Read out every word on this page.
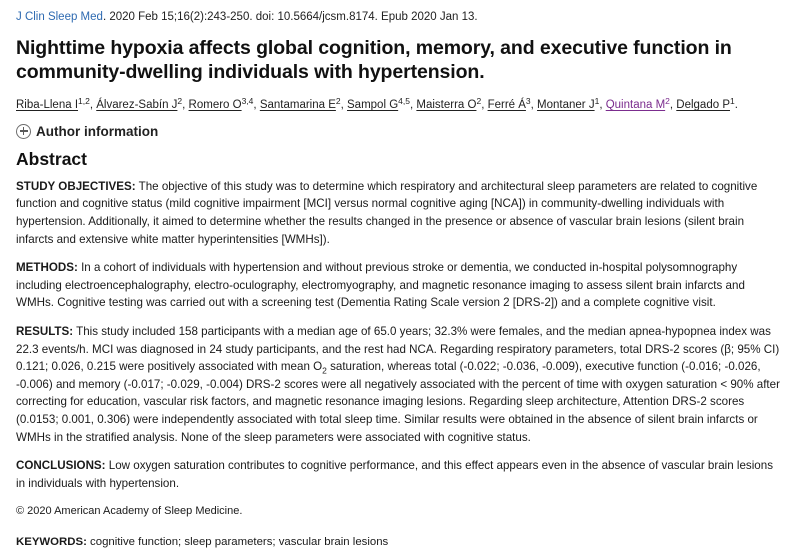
J Clin Sleep Med. 2020 Feb 15;16(2):243-250. doi: 10.5664/jcsm.8174. Epub 2020 Jan 13.
Nighttime hypoxia affects global cognition, memory, and executive function in community-dwelling individuals with hypertension.
Riba-Llena I$^{1,2}$, Álvarez-Sabín $J^2$, Romero O$^{3,4}$, Santamarina $E^2$, Sampol G$^{4,5}$, Maisterra $O^2$, Ferré $Á^3$, Montaner $J^1$, Quintana $M^2$, Delgado $P^1$.
Author information
Abstract

STUDY OBJECTIVES: The objective of this study was to determine which respiratory and architectural sleep parameters are related to cognitive function and cognitive status (mild cognitive impairment [MCI] versus normal cognitive aging [NCA]) in community-dwelling individuals with hypertension. Additionally, it aimed to determine whether the results changed in the presence or absence of vascular brain lesions (silent brain infarcts and extensive white matter hyperintensities [WMHs]).

METHODS: In a cohort of individuals with hypertension and without previous stroke or dementia, we conducted in-hospital polysomnography including electroencephalography, electro-oculography, electromyography, and magnetic resonance imaging to assess silent brain infarcts and WMHs. Cognitive testing was carried out with a screening test (Dementia Rating Scale version 2 [DRS-2]) and a complete cognitive visit.

RESULTS: This study included 158 participants with a median age of 65.0 years; 32.3% were females, and the median apnea-hypopnea index was 22.3 events/h. MCI was diagnosed in 24 study participants, and the rest had NCA. Regarding respiratory parameters, total DRS-2 scores (β; 95% CI) 0.121; 0.026, 0.215 were positively associated with mean $O_2$ saturation, whereas total (-0.022; -0.036, -0.009), executive function (-0.016; -0.026, -0.006) and memory (-0.017; -0.029, -0.004) DRS-2 scores were all negatively associated with the percent of time with oxygen saturation < 90% after correcting for education, vascular risk factors, and magnetic resonance imaging lesions. Regarding sleep architecture, Attention DRS-2 scores (0.0153; 0.001, 0.306) were independently associated with total sleep time. Similar results were obtained in the absence of silent brain infarcts or WMHs in the stratified analysis. None of the sleep parameters were associated with cognitive status.

CONCLUSIONS: Low oxygen saturation contributes to cognitive performance, and this effect appears even in the absence of vascular brain lesions in individuals with hypertension.

© 2020 American Academy of Sleep Medicine.

KEYWORDS: cognitive function; sleep parameters; vascular brain lesions
